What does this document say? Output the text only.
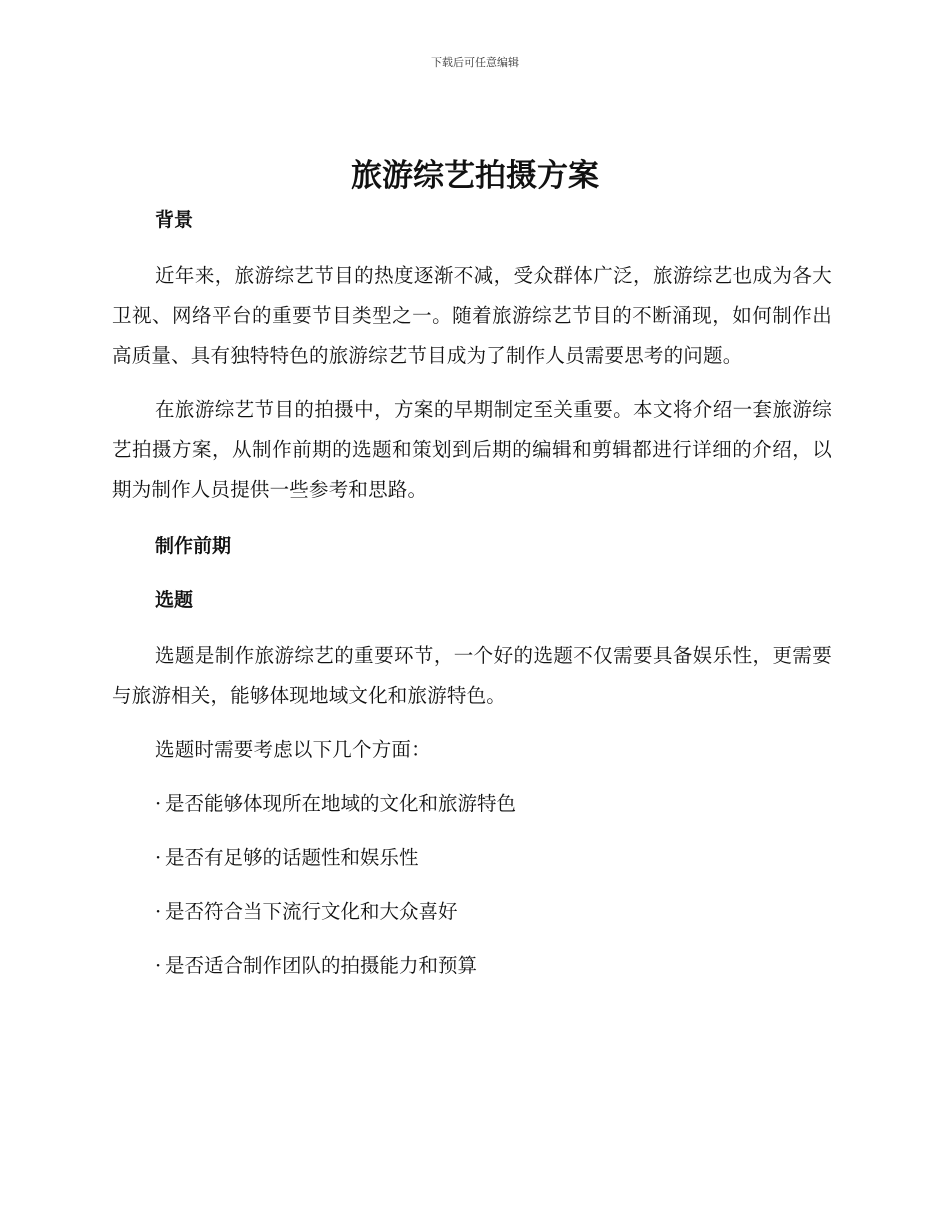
下载后可任意编辑
旅游综艺拍摄方案
背景

近年来，旅游综艺节目的热度逐渐不减，受众群体广泛，旅游综艺也成为各大卫视、网络平台的重要节目类型之一。随着旅游综艺节目的不断涌现，如何制作出高质量、具有独特特色的旅游综艺节目成为了制作人员需要思考的问题。

在旅游综艺节目的拍摄中，方案的早期制定至关重要。本文将介绍一套旅游综艺拍摄方案，从制作前期的选题和策划到后期的编辑和剪辑都进行详细的介绍，以期为制作人员提供一些参考和思路。

制作前期
选题

选题是制作旅游综艺的重要环节，一个好的选题不仅需要具备娱乐性，更需要与旅游相关，能够体现地域文化和旅游特色。

选题时需要考虑以下几个方面：

· 是否能够体现所在地域的文化和旅游特色
· 是否有足够的话题性和娱乐性
· 是否符合当下流行文化和大众喜好
· 是否适合制作团队的拍摄能力和预算
